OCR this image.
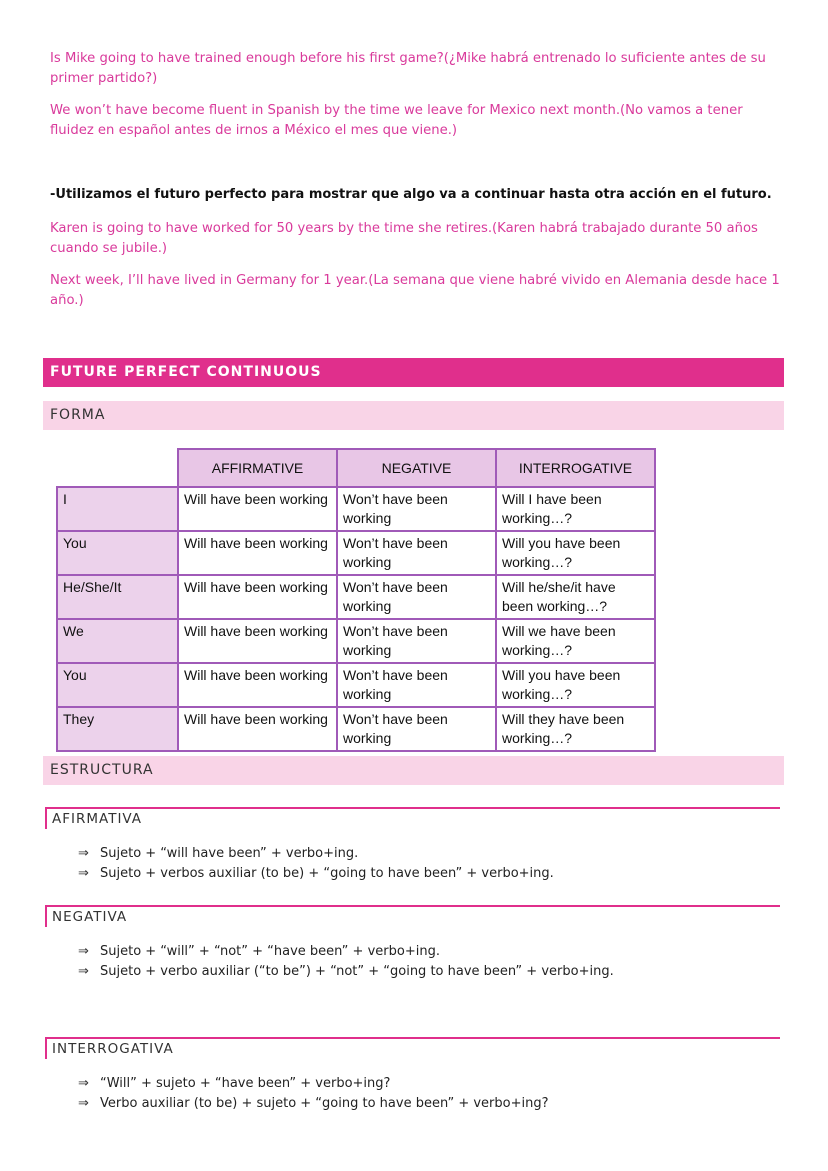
Is Mike going to have trained enough before his first game?(¿Mike habrá entrenado lo suficiente antes de su primer partido?)
We won’t have become fluent in Spanish by the time we leave for Mexico next month.(No vamos a tener fluidez en español antes de irnos a México el mes que viene.)
-Utilizamos el futuro perfecto para mostrar que algo va a continuar hasta otra acción en el futuro.
Karen is going to have worked for 50 years by the time she retires.(Karen habrá trabajado durante 50 años cuando se jubile.)
Next week, I’ll have lived in Germany for 1 year.(La semana que viene habré vivido en Alemania desde hace 1 año.)
FUTURE PERFECT CONTINUOUS
FORMA
	AFFIRMATIVE	NEGATIVE	INTERROGATIVE
I	Will have been working	Won’t have been working	Will I have been working…?
You	Will have been working	Won’t have been working	Will you have been working…?
He/She/It	Will have been working	Won’t have been working	Will he/she/it have been working…?
We	Will have been working	Won’t have been working	Will we have been working…?
You	Will have been working	Won’t have been working	Will you have been working…?
They	Will have been working	Won’t have been working	Will they have been working…?
ESTRUCTURA
AFIRMATIVA
⇒ Sujeto + “will have been” + verbo+ing.
⇒ Sujeto + verbos auxiliar (to be) + “going to have been” + verbo+ing.
NEGATIVA
⇒ Sujeto + “will” + “not” + “have been” + verbo+ing.
⇒ Sujeto + verbo auxiliar (“to be”) + “not” + “going to have been” + verbo+ing.
INTERROGATIVA
⇒ “Will” + sujeto + “have been” + verbo+ing?
⇒ Verbo auxiliar (to be) + sujeto + “going to have been” + verbo+ing?
